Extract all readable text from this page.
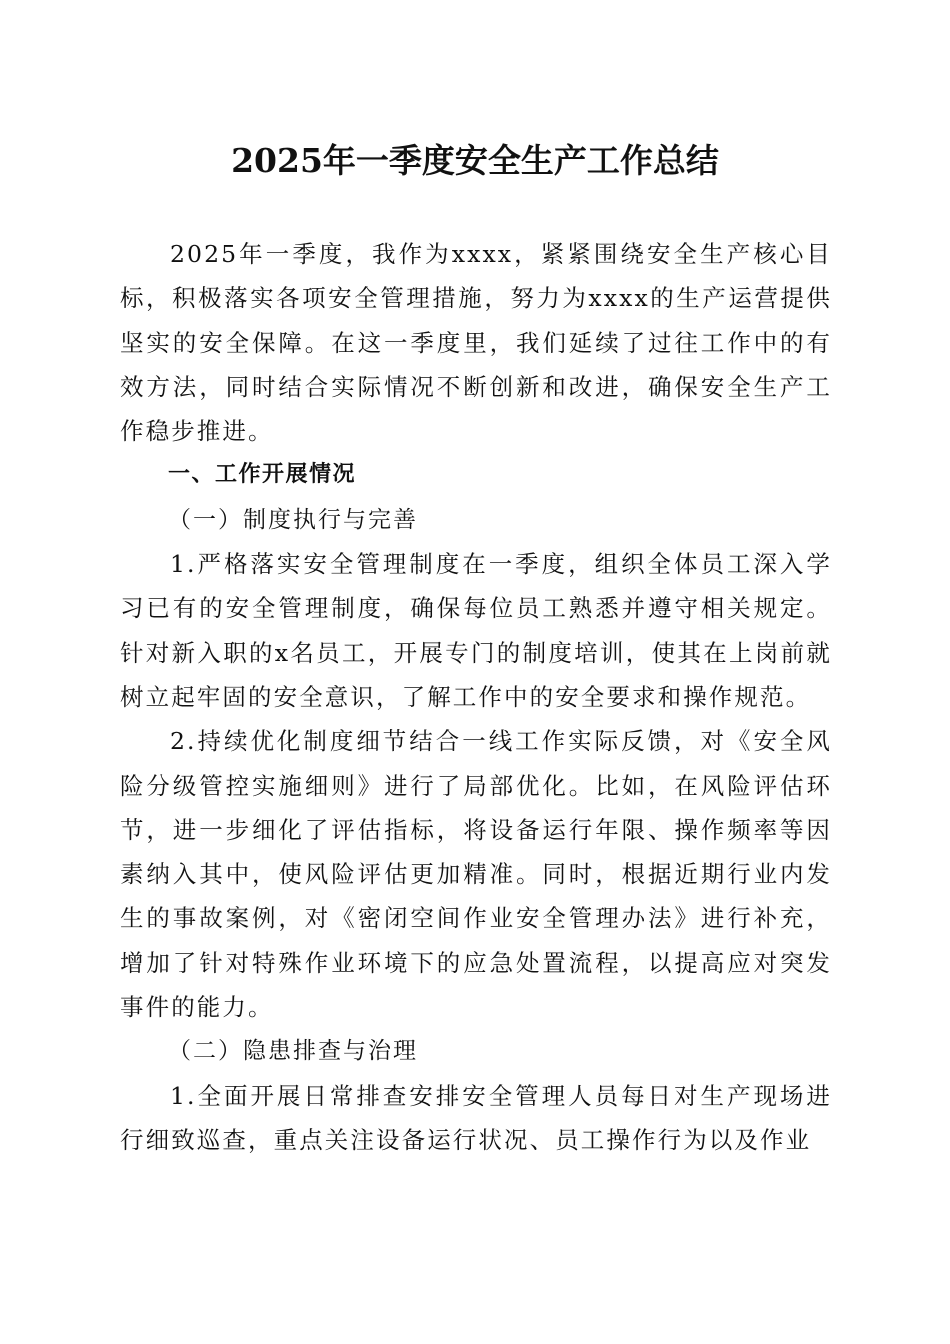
2025年一季度安全生产工作总结

2025年一季度，我作为xxxx，紧紧围绕安全生产核心目标，积极落实各项安全管理措施，努力为xxxx的生产运营提供坚实的安全保障。在这一季度里，我们延续了过往工作中的有效方法，同时结合实际情况不断创新和改进，确保安全生产工作稳步推进。

一、工作开展情况

（一）制度执行与完善

1.严格落实安全管理制度在一季度，组织全体员工深入学习已有的安全管理制度，确保每位员工熟悉并遵守相关规定。针对新入职的x名员工，开展专门的制度培训，使其在上岗前就树立起牢固的安全意识，了解工作中的安全要求和操作规范。

2.持续优化制度细节结合一线工作实际反馈，对《安全风险分级管控实施细则》进行了局部优化。比如，在风险评估环节，进一步细化了评估指标，将设备运行年限、操作频率等因素纳入其中，使风险评估更加精准。同时，根据近期行业内发生的事故案例，对《密闭空间作业安全管理办法》进行补充，增加了针对特殊作业环境下的应急处置流程，以提高应对突发事件的能力。

（二）隐患排查与治理

1.全面开展日常排查安排安全管理人员每日对生产现场进行细致巡查，重点关注设备运行状况、员工操作行为以及作业
